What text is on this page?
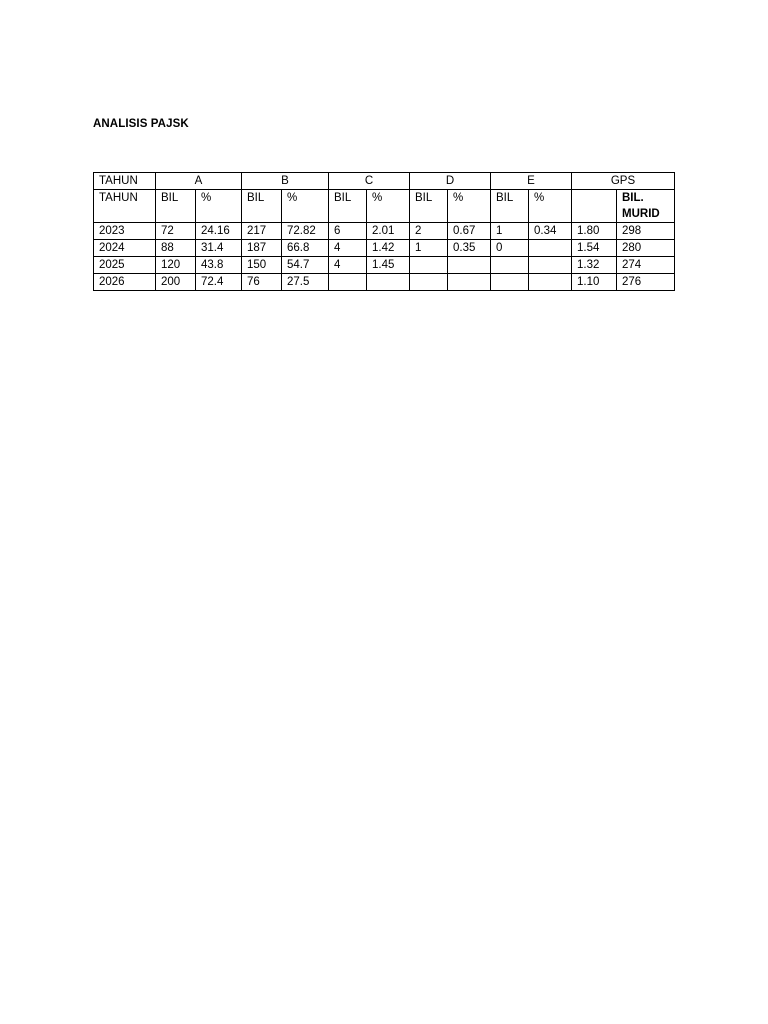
ANALISIS PAJSK
TAHUN	A		B		C		D		E		GPS	
TAHUN	BIL	%	BIL	%	BIL	%	BIL	%	BIL	%		BIL.
MURID
2023	72	24.16	217	72.82	6	2.01	2	0.67	1	0.34	1.80	298
2024	88	31.4	187	66.8	4	1.42	1	0.35	0		1.54	280
2025	120	43.8	150	54.7	4	1.45					1.32	274
2026	200	72.4	76	27.5							1.10	276
